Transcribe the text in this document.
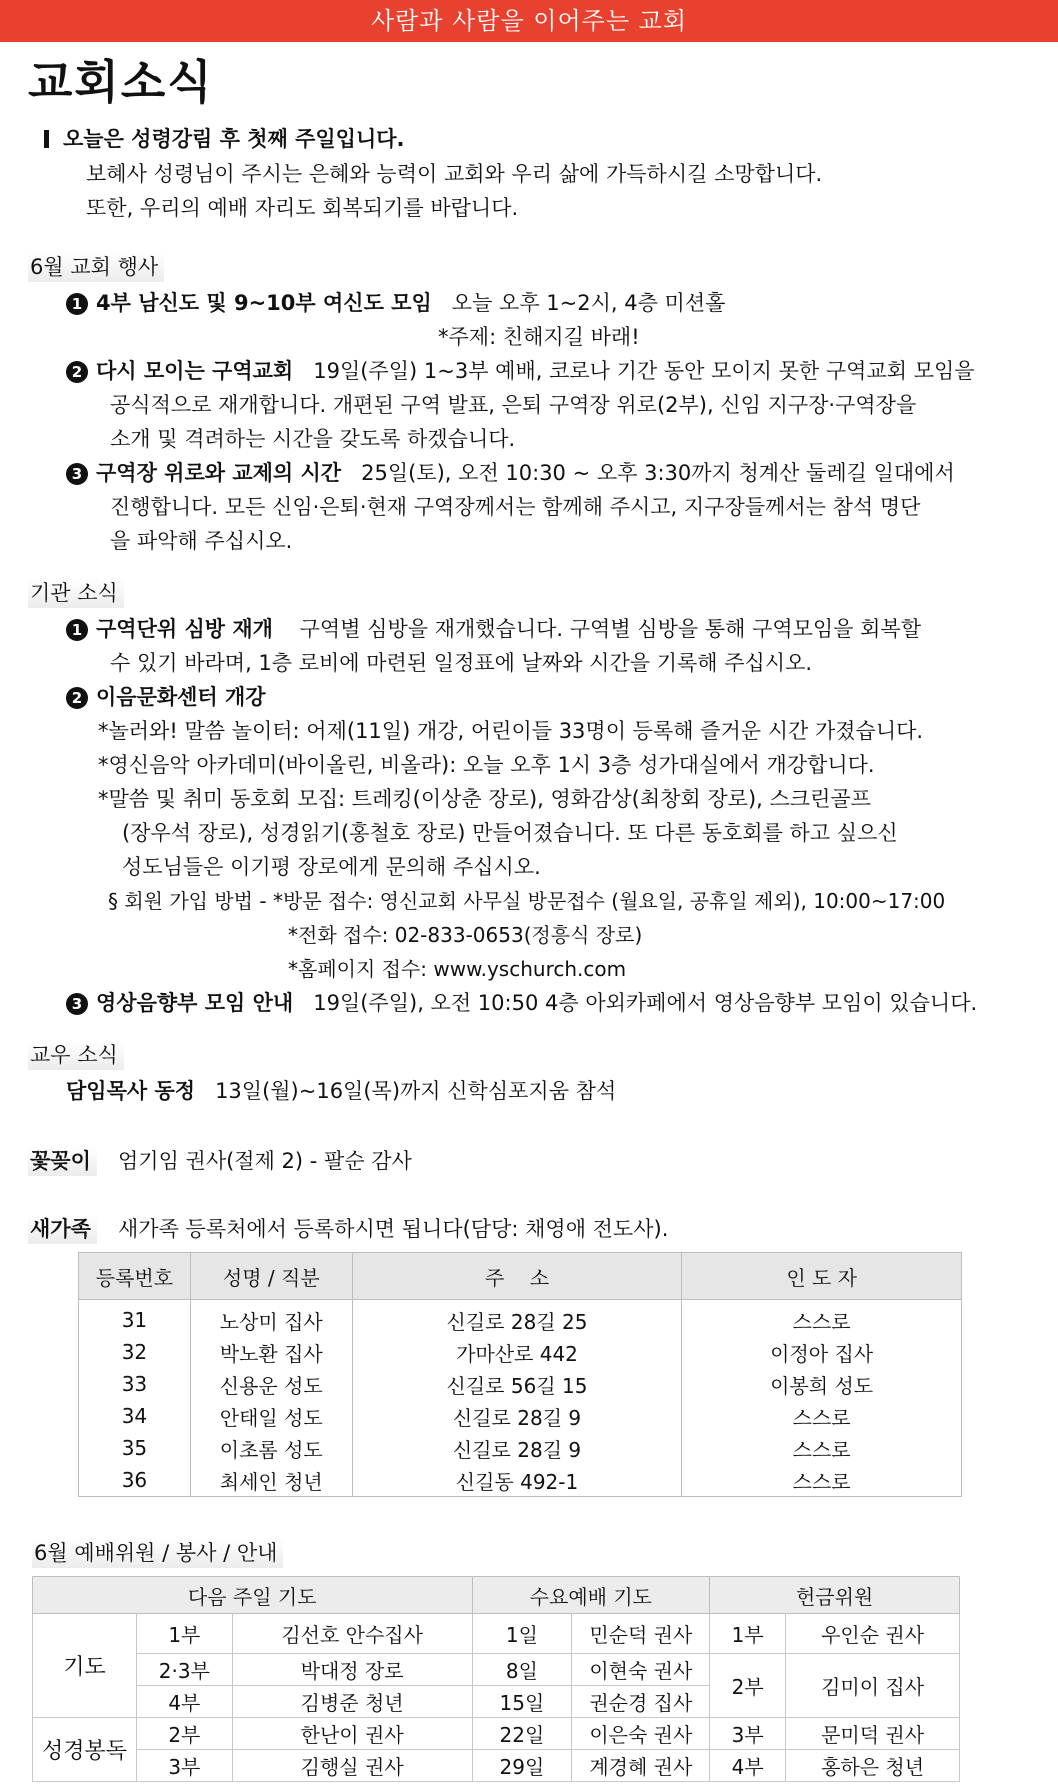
사람과 사람을 이어주는 교회
교회소식
오늘은 성령강림 후 첫째 주일입니다.
보혜사 성령님이 주시는 은혜와 능력이 교회와 우리 삶에 가득하시길 소망합니다.
또한, 우리의 예배 자리도 회복되기를 바랍니다.
6월 교회 행사
1 4부 남신도 및 9~10부 여신도 모임 오늘 오후 1~2시, 4층 미션홀
*주제: 친해지길 바래!
2 다시 모이는 구역교회 19일(주일) 1~3부 예배, 코로나 기간 동안 모이지 못한 구역교회 모임을
공식적으로 재개합니다. 개편된 구역 발표, 은퇴 구역장 위로(2부), 신임 지구장·구역장을
소개 및 격려하는 시간을 갖도록 하겠습니다.
3 구역장 위로와 교제의 시간 25일(토), 오전 10:30 ~ 오후 3:30까지 청계산 둘레길 일대에서
진행합니다. 모든 신임·은퇴·현재 구역장께서는 함께해 주시고, 지구장들께서는 참석 명단
을 파악해 주십시오.
기관 소식
1 구역단위 심방 재개 구역별 심방을 재개했습니다. 구역별 심방을 통해 구역모임을 회복할
수 있기 바라며, 1층 로비에 마련된 일정표에 날짜와 시간을 기록해 주십시오.
2 이음문화센터 개강
*놀러와! 말씀 놀이터: 어제(11일) 개강, 어린이들 33명이 등록해 즐거운 시간 가졌습니다.
*영신음악 아카데미(바이올린, 비올라): 오늘 오후 1시 3층 성가대실에서 개강합니다.
*말씀 및 취미 동호회 모집: 트레킹(이상춘 장로), 영화감상(최창회 장로), 스크린골프
(장우석 장로), 성경읽기(홍철호 장로) 만들어졌습니다. 또 다른 동호회를 하고 싶으신
성도님들은 이기평 장로에게 문의해 주십시오.
§ 회원 가입 방법 - *방문 접수: 영신교회 사무실 방문접수 (월요일, 공휴일 제외), 10:00~17:00
*전화 접수: 02-833-0653(정흥식 장로)
*홈페이지 접수: www.yschurch.com
3 영상음향부 모임 안내 19일(주일), 오전 10:50 4층 아외카페에서 영상음향부 모임이 있습니다.
교우 소식
담임목사 동정 13일(월)~16일(목)까지 신학심포지움 참석
꽃꽂이 엄기임 권사(절제 2) - 팔순 감사
새가족 새가족 등록처에서 등록하시면 됩니다(담당: 채영애 전도사).
등록번호	성명 / 직분	주    소	인 도 자
31	노상미 집사	신길로 28길 25	스스로
32	박노환 집사	가마산로 442	이정아 집사
33	신용운 성도	신길로 56길 15	이봉희 성도
34	안태일 성도	신길로 28길 9	스스로
35	이초롬 성도	신길로 28길 9	스스로
36	최세인 청년	신길동 492-1	스스로
6월 예배위원 / 봉사 / 안내
다음 주일 기도			수요예배 기도		헌금위원	
기도	1부	김선호 안수집사	1일	민순덕 권사	1부	우인순 권사
	2·3부	박대정 장로	8일	이현숙 권사	2부	김미이 집사
	4부	김병준 청년	15일	권순경 집사		
성경봉독	2부	한난이 권사	22일	이은숙 권사	3부	문미덕 권사
	3부	김행실 권사	29일	계경혜 권사	4부	홍하은 청년
